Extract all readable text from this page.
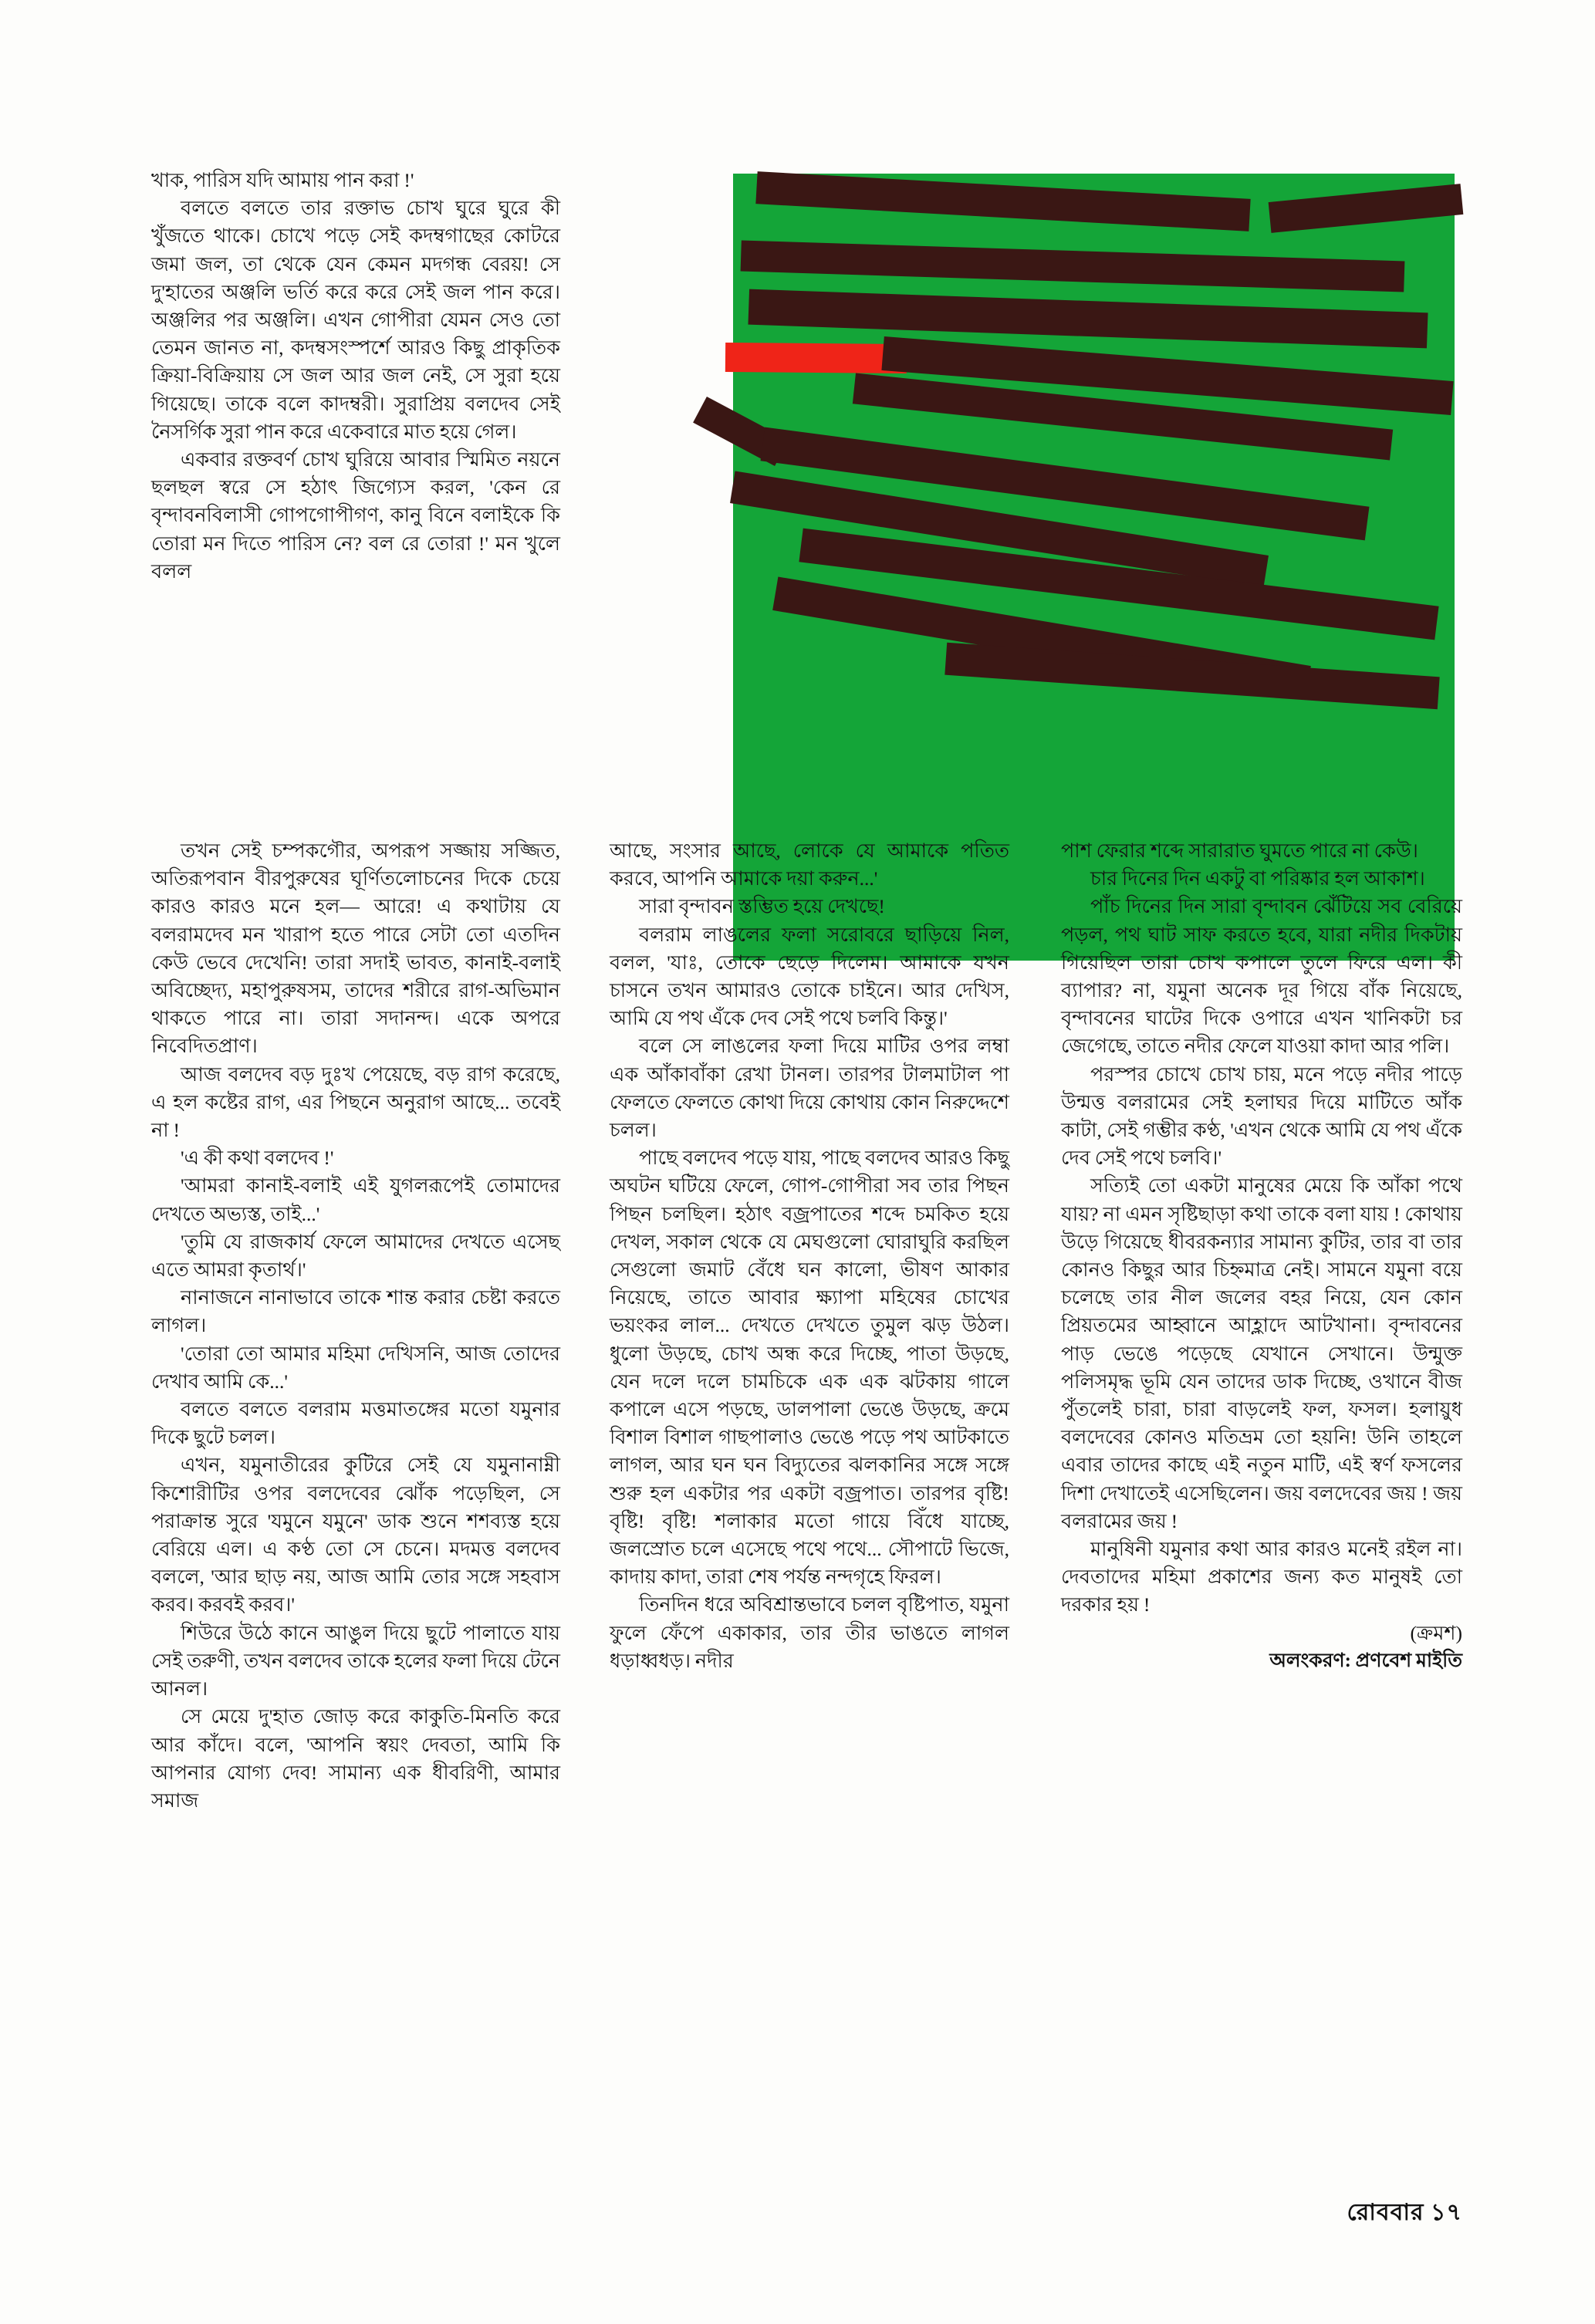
খাক, পারিস যদি আমায় পান করা !'

বলতে বলতে তার রক্তাভ চোখ ঘুরে ঘুরে কী খুঁজতে থাকে। চোখে পড়ে সেই কদম্বগাছের কোটরে জমা জল, তা থেকে যেন কেমন মদগন্ধ বেরয়! সে দু'হাতের অঞ্জলি ভর্তি করে করে সেই জল পান করে। অঞ্জলির পর অঞ্জলি। এখন গোপীরা যেমন সেও তো তেমন জানত না, কদম্বসংস্পর্শে আরও কিছু প্রাকৃতিক ক্রিয়া-বিক্রিয়ায় সে জল আর জল নেই, সে সুরা হয়ে গিয়েছে। তাকে বলে কাদম্বরী। সুরাপ্রিয় বলদেব সেই নৈসর্গিক সুরা পান করে একেবারে মাত হয়ে গেল।

একবার রক্তবর্ণ চোখ ঘুরিয়ে আবার স্মিমিত নয়নে ছলছল স্বরে সে হঠাৎ জিগ্যেস করল, 'কেন রে বৃন্দাবনবিলাসী গোপগোপীগণ, কানু বিনে বলাইকে কি তোরা মন দিতে পারিস নে? বল রে তোরা !' মন খুলে বলল

তখন সেই চম্পকগৌর, অপরূপ সজ্জায় সজ্জিত, অতিরূপবান বীরপুরুষের ঘূর্ণিতলোচনের দিকে চেয়ে কারও কারও মনে হল— আরে! এ কথাটায় যে বলরামদেব মন খারাপ হতে পারে সেটা তো এতদিন কেউ ভেবে দেখেনি! তারা সদাই ভাবত, কানাই-বলাই অবিচ্ছেদ্য, মহাপুরুষসম, তাদের শরীরে রাগ-অভিমান থাকতে পারে না। তারা সদানন্দ। একে অপরে নিবেদিতপ্রাণ।

আজ বলদেব বড় দুঃখ পেয়েছে, বড় রাগ করেছে, এ হল কষ্টের রাগ, এর পিছনে অনুরাগ আছে... তবেই না !

'এ কী কথা বলদেব !'

'আমরা কানাই-বলাই এই যুগলরূপেই তোমাদের দেখতে অভ্যস্ত, তাই...'

'তুমি যে রাজকার্য ফেলে আমাদের দেখতে এসেছ এতে আমরা কৃতার্থ।'

নানাজনে নানাভাবে তাকে শান্ত করার চেষ্টা করতে লাগল।

'তোরা তো আমার মহিমা দেখিসনি, আজ তোদের দেখাব আমি কে...'

বলতে বলতে বলরাম মত্তমাতঙ্গের মতো যমুনার দিকে ছুটে চলল।

এখন, যমুনাতীরের কুটিরে সেই যে যমুনানাম্নী কিশোরীটির ওপর বলদেবের ঝোঁক পড়েছিল, সে পরাক্রান্ত সুরে 'যমুনে যমুনে' ডাক শুনে শশব্যস্ত হয়ে বেরিয়ে এল। এ কণ্ঠ তো সে চেনে। মদমত্ত বলদেব বললে, 'আর ছাড় নয়, আজ আমি তোর সঙ্গে সহবাস করব। করবই করব।'

শিউরে উঠে কানে আঙুল দিয়ে ছুটে পালাতে যায় সেই তরুণী, তখন বলদেব তাকে হলের ফলা দিয়ে টেনে আনল।

সে মেয়ে দু'হাত জোড় করে কাকুতি-মিনতি করে আর কাঁদে। বলে, 'আপনি স্বয়ং দেবতা, আমি কি আপনার যোগ্য দেব! সামান্য এক ধীবরিণী, আমার সমাজ

আছে, সংসার আছে, লোকে যে আমাকে পতিত করবে, আপনি আমাকে দয়া করুন...'

সারা বৃন্দাবন স্তম্ভিত হয়ে দেখছে!

বলরাম লাঙলের ফলা সরোবরে ছাড়িয়ে নিল, বলল, 'যাঃ, তোকে ছেড়ে দিলেম। আমাকে যখন চাসনে তখন আমারও তোকে চাইনে। আর দেখিস, আমি যে পথ এঁকে দেব সেই পথে চলবি কিন্তু।'

বলে সে লাঙলের ফলা দিয়ে মাটির ওপর লম্বা এক আঁকাবাঁকা রেখা টানল। তারপর টালমাটাল পা ফেলতে ফেলতে কোথা দিয়ে কোথায় কোন নিরুদ্দেশে চলল।

পাছে বলদেব পড়ে যায়, পাছে বলদেব আরও কিছু অঘটন ঘটিয়ে ফেলে, গোপ-গোপীরা সব তার পিছন পিছন চলছিল। হঠাৎ বজ্রপাতের শব্দে চমকিত হয়ে দেখল, সকাল থেকে যে মেঘগুলো ঘোরাঘুরি করছিল সেগুলো জমাট বেঁধে ঘন কালো, ভীষণ আকার নিয়েছে, তাতে আবার ক্ষ্যাপা মহিষের চোখের ভয়ংকর লাল... দেখতে দেখতে তুমুল ঝড় উঠল। ধুলো উড়ছে, চোখ অন্ধ করে দিচ্ছে, পাতা উড়ছে, যেন দলে দলে চামচিকে এক এক ঝটকায় গালে কপালে এসে পড়ছে, ডালপালা ভেঙে উড়ছে, ক্রমে বিশাল বিশাল গাছপালাও ভেঙে পড়ে পথ আটকাতে লাগল, আর ঘন ঘন বিদ্যুতের ঝলকানির সঙ্গে সঙ্গে শুরু হল একটার পর একটা বজ্রপাত। তারপর বৃষ্টি! বৃষ্টি! বৃষ্টি! শলাকার মতো গায়ে বিঁধে যাচ্ছে, জলস্রোত চলে এসেছে পথে পথে... সৌপাটে ভিজে, কাদায় কাদা, তারা শেষ পর্যন্ত নন্দগৃহে ফিরল।

তিনদিন ধরে অবিশ্রান্তভাবে চলল বৃষ্টিপাত, যমুনা ফুলে ফেঁপে একাকার, তার তীর ভাঙতে লাগল ধড়াধ্বধড়। নদীর

পাশ ফেরার শব্দে সারারাত ঘুমতে পারে না কেউ।

চার দিনের দিন একটু বা পরিষ্কার হল আকাশ।

পাঁচ দিনের দিন সারা বৃন্দাবন ঝেঁটিয়ে সব বেরিয়ে পড়ল, পথ ঘাট সাফ করতে হবে, যারা নদীর দিকটায় গিয়েছিল তারা চোখ কপালে তুলে ফিরে এল। কী ব্যাপার? না, যমুনা অনেক দূর গিয়ে বাঁক নিয়েছে, বৃন্দাবনের ঘাটের দিকে ওপারে এখন খানিকটা চর জেগেছে, তাতে নদীর ফেলে যাওয়া কাদা আর পলি।

পরস্পর চোখে চোখ চায়, মনে পড়ে নদীর পাড়ে উন্মত্ত বলরামের সেই হলাঘর দিয়ে মাটিতে আঁক কাটা, সেই গম্ভীর কণ্ঠ, 'এখন থেকে আমি যে পথ এঁকে দেব সেই পথে চলবি।'

সত্যিই তো একটা মানুষের মেয়ে কি আঁকা পথে যায়? না এমন সৃষ্টিছাড়া কথা তাকে বলা যায় ! কোথায় উড়ে গিয়েছে ধীবরকন্যার সামান্য কুটির, তার বা তার কোনও কিছুর আর চিহ্নমাত্র নেই। সামনে যমুনা বয়ে চলেছে তার নীল জলের বহর নিয়ে, যেন কোন প্রিয়তমের আহ্বানে আহ্লাদে আটখানা। বৃন্দাবনের পাড় ভেঙে পড়েছে যেখানে সেখানে। উন্মুক্ত পলিসমৃদ্ধ ভূমি যেন তাদের ডাক দিচ্ছে, ওখানে বীজ পুঁতলেই চারা, চারা বাড়লেই ফল, ফসল। হলায়ুধ বলদেবের কোনও মতিভ্রম তো হয়নি! উনি তাহলে এবার তাদের কাছে এই নতুন মাটি, এই স্বর্ণ ফসলের দিশা দেখাতেই এসেছিলেন। জয় বলদেবের জয় ! জয় বলরামের জয় !

মানুষিনী যমুনার কথা আর কারও মনেই রইল না। দেবতাদের মহিমা প্রকাশের জন্য কত মানুষই তো দরকার হয় !

(ক্রমশ)

অলংকরণ: প্রণবেশ মাইতি

রোববার ১৭
